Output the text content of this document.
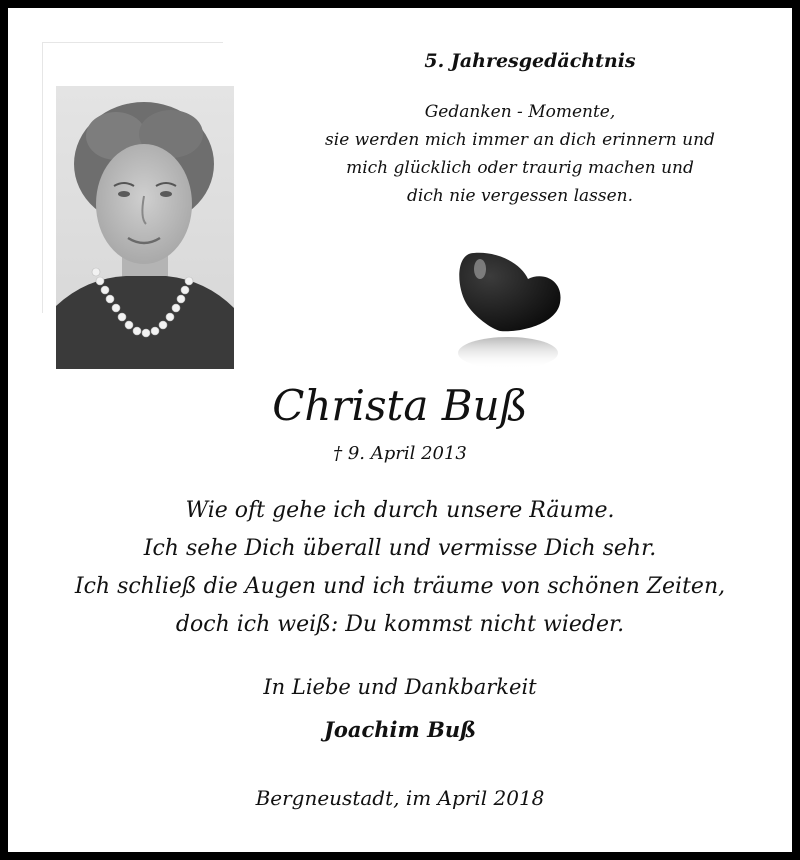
5. Jahresgedächtnis
Gedanken - Momente,
sie werden mich immer an dich erinnern und
mich glücklich oder traurig machen und
dich nie vergessen lassen.
Christa Buß
† 9. April 2013
Wie oft gehe ich durch unsere Räume.
Ich sehe Dich überall und vermisse Dich sehr.
Ich schließ die Augen und ich träume von schönen Zeiten,
doch ich weiß: Du kommst nicht wieder.
In Liebe und Dankbarkeit
Joachim Buß
Bergneustadt, im April 2018
